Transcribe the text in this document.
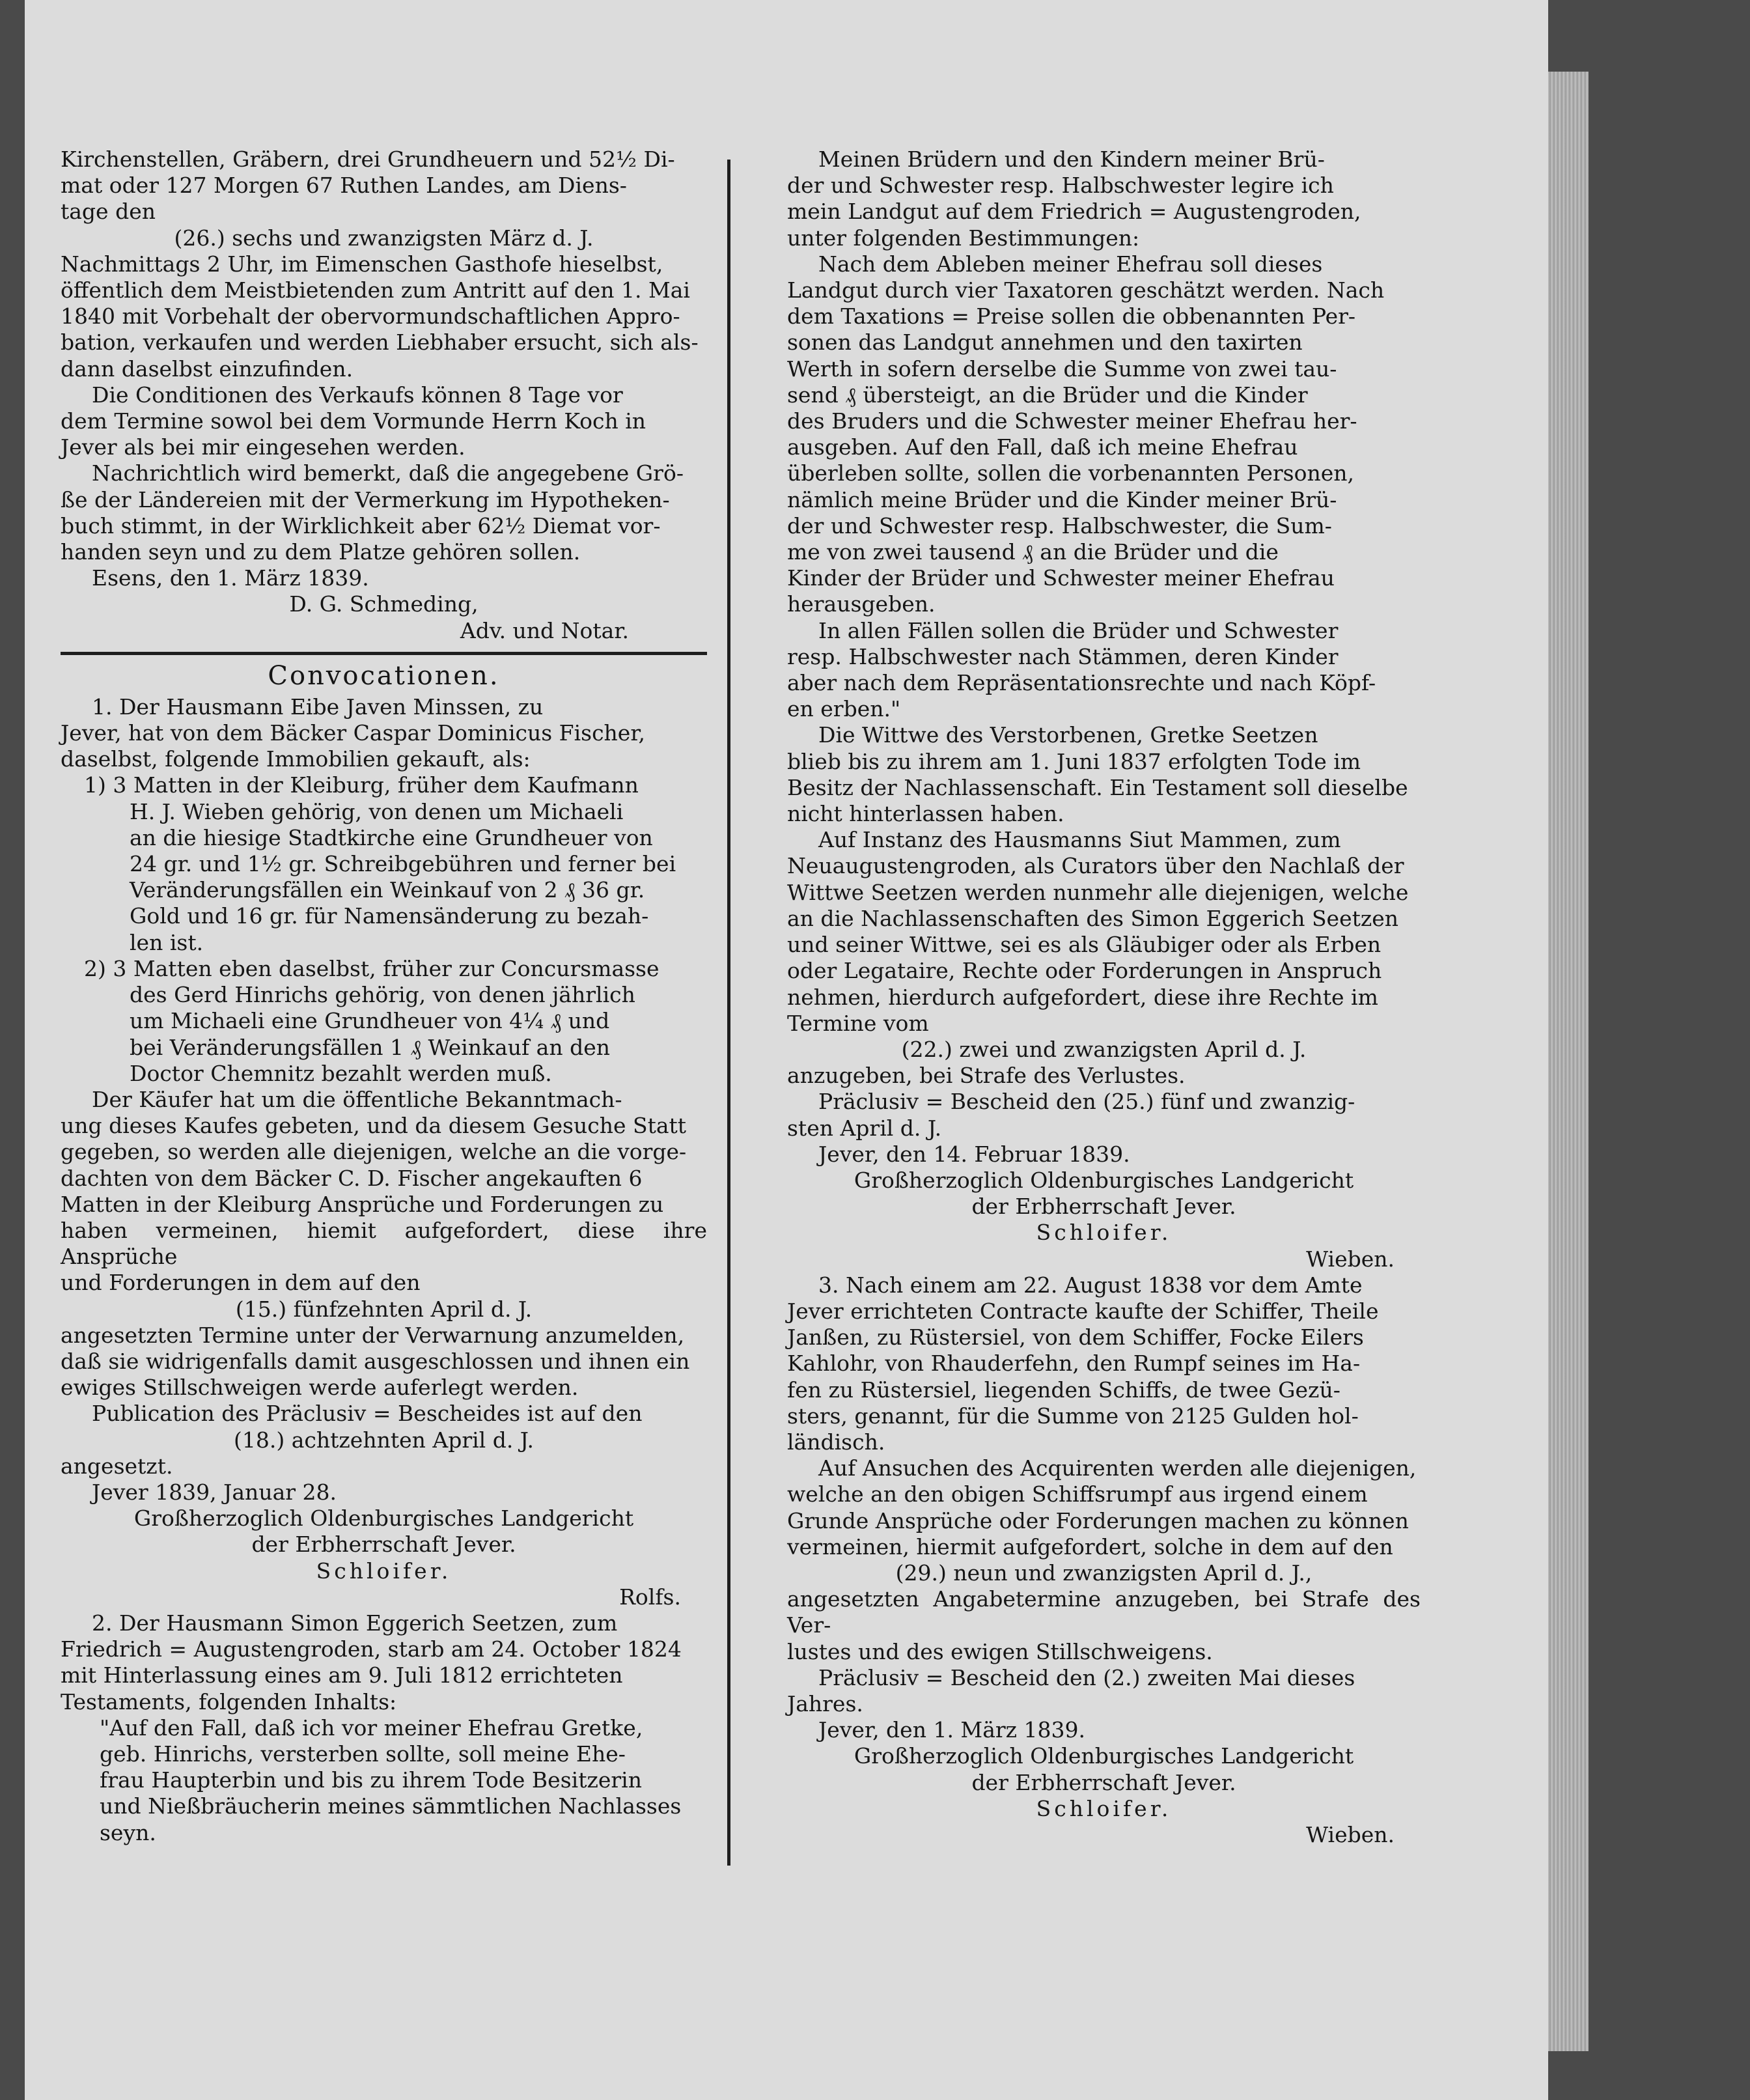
Kirchenstellen, Gräbern, drei Grundheuern und 52½ Di-

mat oder 127 Morgen 67 Ruthen Landes, am Diens-

tage den

(26.) sechs und zwanzigsten März d. J.

Nachmittags 2 Uhr, im Eimenschen Gasthofe hieselbst,

öffentlich dem Meistbietenden zum Antritt auf den 1. Mai

1840 mit Vorbehalt der obervormundschaftlichen Appro-

bation, verkaufen und werden Liebhaber ersucht, sich als-

dann daselbst einzufinden.

Die Conditionen des Verkaufs können 8 Tage vor

dem Termine sowol bei dem Vormunde Herrn Koch in

Jever als bei mir eingesehen werden.

Nachrichtlich wird bemerkt, daß die angegebene Grö-

ße der Ländereien mit der Vermerkung im Hypotheken-

buch stimmt, in der Wirklichkeit aber 62½ Diemat vor-

handen seyn und zu dem Platze gehören sollen.

Esens, den 1. März 1839.

D. G. Schmeding,

Adv. und Notar.

Convocationen.

1. Der Hausmann Eibe Javen Minssen, zu

Jever, hat von dem Bäcker Caspar Dominicus Fischer,

daselbst, folgende Immobilien gekauft, als:

1) 3 Matten in der Kleiburg, früher dem Kaufmann

H. J. Wieben gehörig, von denen um Michaeli

an die hiesige Stadtkirche eine Grundheuer von

24 gr. und 1½ gr. Schreibgebühren und ferner bei

Veränderungsfällen ein Weinkauf von 2 ₰ 36 gr.

Gold und 16 gr. für Namensänderung zu bezah-

len ist.

2) 3 Matten eben daselbst, früher zur Concursmasse

des Gerd Hinrichs gehörig, von denen jährlich

um Michaeli eine Grundheuer von 4¼ ₰ und

bei Veränderungsfällen 1 ₰ Weinkauf an den

Doctor Chemnitz bezahlt werden muß.

Der Käufer hat um die öffentliche Bekanntmach-

ung dieses Kaufes gebeten, und da diesem Gesuche Statt

gegeben, so werden alle diejenigen, welche an die vorge-

dachten von dem Bäcker C. D. Fischer angekauften 6

Matten in der Kleiburg Ansprüche und Forderungen zu

haben vermeinen, hiemit aufgefordert, diese ihre Ansprüche

und Forderungen in dem auf den

(15.) fünfzehnten April d. J.

angesetzten Termine unter der Verwarnung anzumelden,

daß sie widrigenfalls damit ausgeschlossen und ihnen ein

ewiges Stillschweigen werde auferlegt werden.

Publication des Präclusiv = Bescheides ist auf den

(18.) achtzehnten April d. J.

angesetzt.

Jever 1839, Januar 28.

Großherzoglich Oldenburgisches Landgericht

der Erbherrschaft Jever.

Schloifer.

Rolfs.

2. Der Hausmann Simon Eggerich Seetzen, zum

Friedrich = Augustengroden, starb am 24. October 1824

mit Hinterlassung eines am 9. Juli 1812 errichteten

Testaments, folgenden Inhalts:

"Auf den Fall, daß ich vor meiner Ehefrau Gretke,

geb. Hinrichs, versterben sollte, soll meine Ehe-

frau Haupterbin und bis zu ihrem Tode Besitzerin

und Nießbräucherin meines sämmtlichen Nachlasses

seyn.

Meinen Brüdern und den Kindern meiner Brü-

der und Schwester resp. Halbschwester legire ich

mein Landgut auf dem Friedrich = Augustengroden,

unter folgenden Bestimmungen:

Nach dem Ableben meiner Ehefrau soll dieses

Landgut durch vier Taxatoren geschätzt werden. Nach

dem Taxations = Preise sollen die obbenannten Per-

sonen das Landgut annehmen und den taxirten

Werth in sofern derselbe die Summe von zwei tau-

send ₰ übersteigt, an die Brüder und die Kinder

des Bruders und die Schwester meiner Ehefrau her-

ausgeben. Auf den Fall, daß ich meine Ehefrau

überleben sollte, sollen die vorbenannten Personen,

nämlich meine Brüder und die Kinder meiner Brü-

der und Schwester resp. Halbschwester, die Sum-

me von zwei tausend ₰ an die Brüder und die

Kinder der Brüder und Schwester meiner Ehefrau

herausgeben.

In allen Fällen sollen die Brüder und Schwester

resp. Halbschwester nach Stämmen, deren Kinder

aber nach dem Repräsentationsrechte und nach Köpf-

en erben."

Die Wittwe des Verstorbenen, Gretke Seetzen

blieb bis zu ihrem am 1. Juni 1837 erfolgten Tode im

Besitz der Nachlassenschaft. Ein Testament soll dieselbe

nicht hinterlassen haben.

Auf Instanz des Hausmanns Siut Mammen, zum

Neuaugustengroden, als Curators über den Nachlaß der

Wittwe Seetzen werden nunmehr alle diejenigen, welche

an die Nachlassenschaften des Simon Eggerich Seetzen

und seiner Wittwe, sei es als Gläubiger oder als Erben

oder Legataire, Rechte oder Forderungen in Anspruch

nehmen, hierdurch aufgefordert, diese ihre Rechte im

Termine vom

(22.) zwei und zwanzigsten April d. J.

anzugeben, bei Strafe des Verlustes.

Präclusiv = Bescheid den (25.) fünf und zwanzig-

sten April d. J.

Jever, den 14. Februar 1839.

Großherzoglich Oldenburgisches Landgericht

der Erbherrschaft Jever.

Schloifer.

Wieben.

3. Nach einem am 22. August 1838 vor dem Amte

Jever errichteten Contracte kaufte der Schiffer, Theile

Janßen, zu Rüstersiel, von dem Schiffer, Focke Eilers

Kahlohr, von Rhauderfehn, den Rumpf seines im Ha-

fen zu Rüstersiel, liegenden Schiffs, de twee Gezü-

sters, genannt, für die Summe von 2125 Gulden hol-

ländisch.

Auf Ansuchen des Acquirenten werden alle diejenigen,

welche an den obigen Schiffsrumpf aus irgend einem

Grunde Ansprüche oder Forderungen machen zu können

vermeinen, hiermit aufgefordert, solche in dem auf den

(29.) neun und zwanzigsten April d. J.,

angesetzten Angabetermine anzugeben, bei Strafe des Ver-

lustes und des ewigen Stillschweigens.

Präclusiv = Bescheid den (2.) zweiten Mai dieses

Jahres.

Jever, den 1. März 1839.

Großherzoglich Oldenburgisches Landgericht

der Erbherrschaft Jever.

Schloifer.

Wieben.
